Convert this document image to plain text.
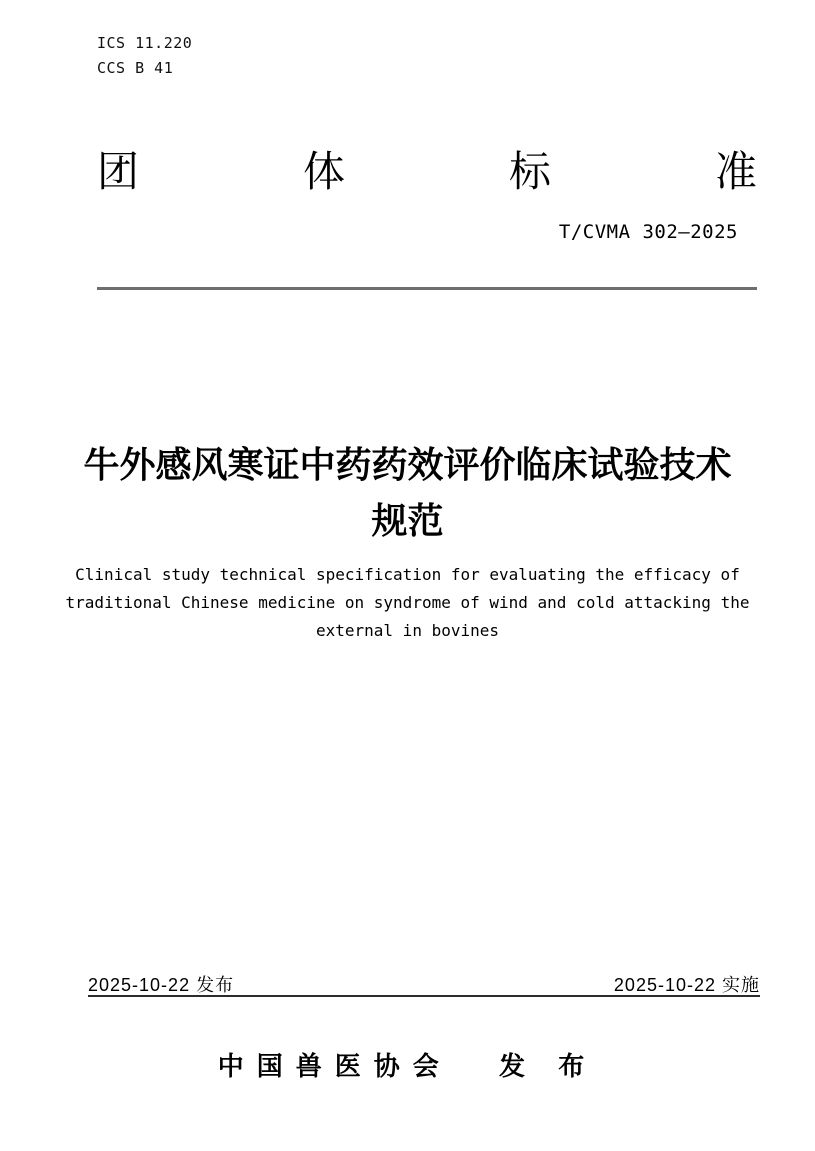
ICS 11.220
CCS B 41
团	体	标	准
T/CVMA 302—2025
牛外感风寒证中药药效评价临床试验技术
规范
Clinical study technical specification for evaluating the efficacy of
traditional Chinese medicine on syndrome of wind and cold attacking the
external in bovines
2025-10-22 发布	2025-10-22 实施
中国兽医协会 发 布
